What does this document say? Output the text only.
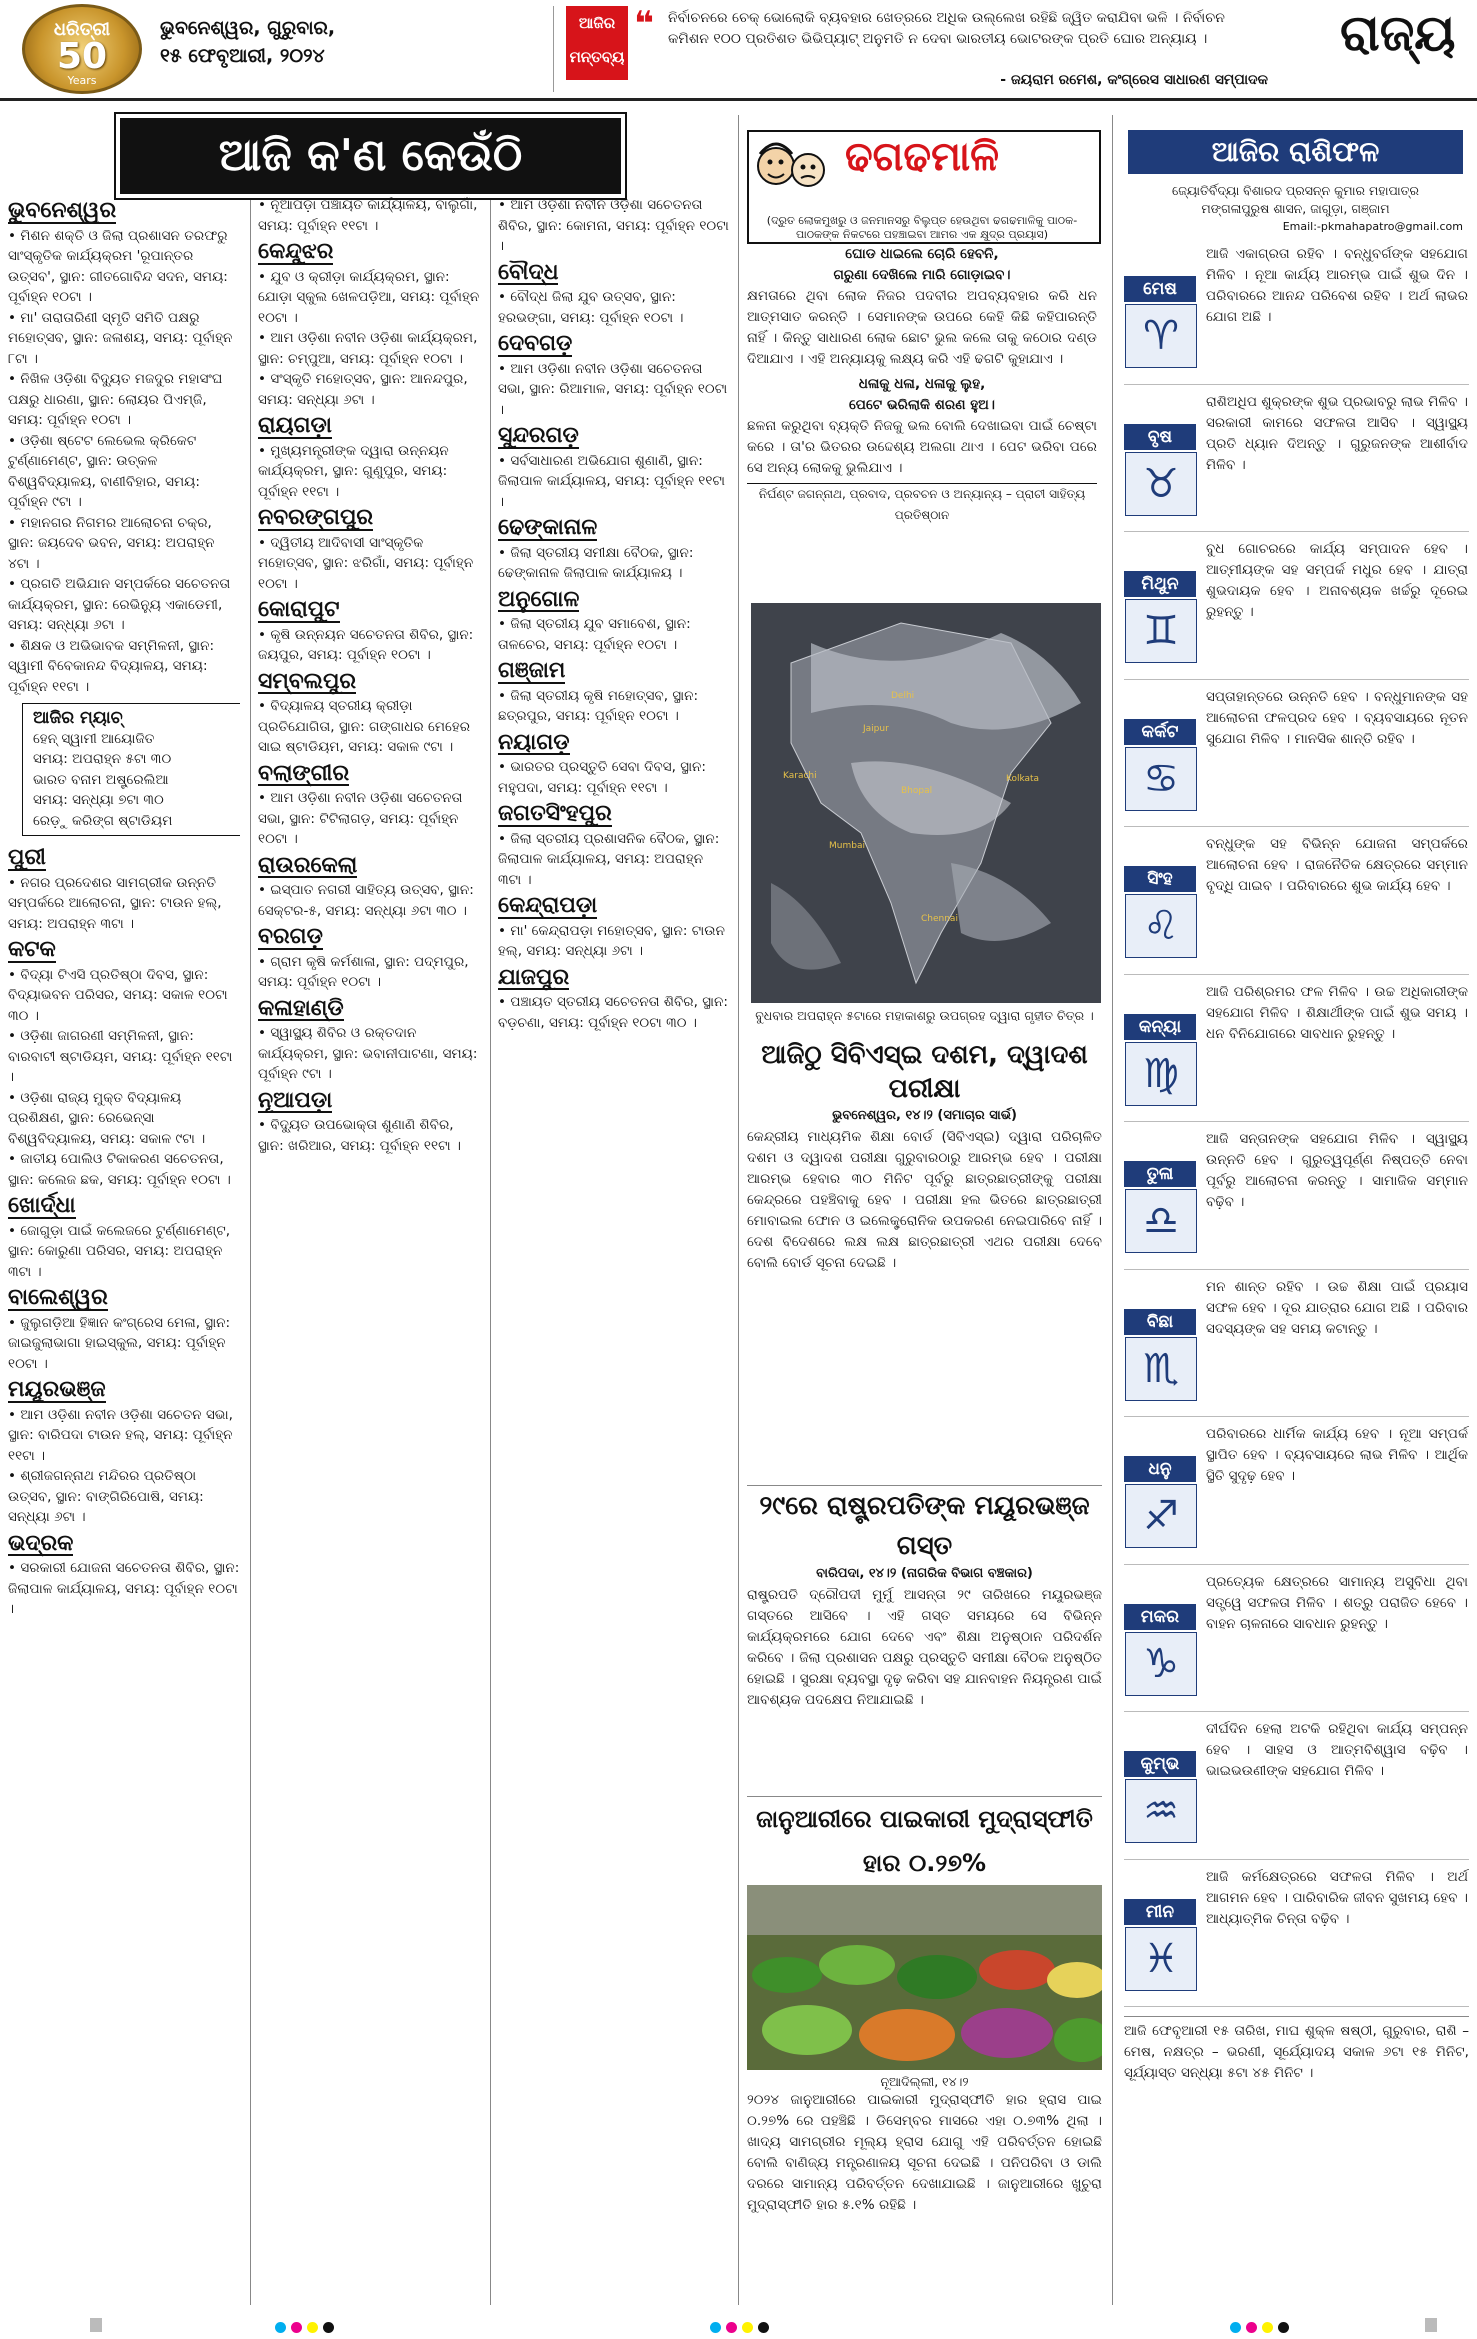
ଧରିତ୍ରୀ
50
Years
ଭୁବନେଶ୍ୱର, ଗୁରୁବାର,
୧୫ ଫେବୃଆରୀ, ୨୦୨୪
ଆଜିର
ମନ୍ତବ୍ୟ
❝ ନିର୍ବାଚନରେ ଚେକ୍‌ ଭୋଲୋକି ବ୍ୟବହାର ଖେତ୍ରରେ ଅଧିକ ଉଲ୍ଲେଖ ରହିଛି ଜ୍ୱିତ କରାଯିବା ଭଳି । ନିର୍ବାଚନ କମିଶନ ୧୦୦ ପ୍ରତିଶତ ଭିଭିପ୍ୟାଟ୍‌ ଅନୁମତି ନ ଦେବା ଭାରତୀୟ ଭୋଟରଙ୍କ ପ୍ରତି ଘୋର ଅନ୍ୟାୟ ।
- ଜୟରାମ ରମେଶ, କଂଗ୍ରେସ ସାଧାରଣ ସମ୍ପାଦକ
ରାଜ୍ୟ
ଆଜି କ'ଣ କେଉଁଠି
ଭୁବନେଶ୍ୱର
• ମିଶନ ଶକ୍ତି ଓ ଜିଲା ପ୍ରଶାସନ ତରଫରୁ ସାଂସ୍କୃତିକ କାର୍ଯ୍ୟକ୍ରମ 'ରୂପାନ୍ତର ଉତ୍ସବ', ସ୍ଥାନ: ଗୀତଗୋବିନ୍ଦ ସଦନ, ସମୟ: ପୂର୍ବାହ୍ନ ୧୦ଟା ।
• ମା' ତାରାତାରିଣୀ ସ୍ମୃତି ସମିତି ପକ୍ଷରୁ ମହୋତ୍ସବ, ସ୍ଥାନ: ଜଳାଶୟ, ସମୟ: ପୂର୍ବାହ୍ନ ୮ଟା ।
• ନିଖିଳ ଓଡ଼ିଶା ବିଦ୍ୟୁତ ମଜଦୁର ମହାସଂଘ ପକ୍ଷରୁ ଧାରଣା, ସ୍ଥାନ: ଲୋୟର ପିଏମ୍‌ଜି, ସମୟ: ପୂର୍ବାହ୍ନ ୧୦ଟା ।
• ଓଡ଼ିଶା ଷ୍ଟେଟ ଲେଭେଲ କ୍ରିକେଟ ଟୁର୍ଣ୍ଣାମେଣ୍ଟ, ସ୍ଥାନ: ଉତ୍କଳ ବିଶ୍ୱବିଦ୍ୟାଳୟ, ବାଣୀବିହାର, ସମୟ: ପୂର୍ବାହ୍ନ ୯ଟା ।
• ମହାନଗର ନିଗମର ଆଲୋଚନା ଚକ୍ର, ସ୍ଥାନ: ଜୟଦେବ ଭବନ, ସମୟ: ଅପରାହ୍ନ ୪ଟା ।
• ପ୍ରଗତି ଅଭିଯାନ ସମ୍ପର୍କରେ ସଚେତନତା କାର୍ଯ୍ୟକ୍ରମ, ସ୍ଥାନ: ରେଭିନ୍ୟୁ ଏକାଡେମୀ, ସମୟ: ସନ୍ଧ୍ୟା ୬ଟା ।
• ଶିକ୍ଷକ ଓ ଅଭିଭାବକ ସମ୍ମିଳନୀ, ସ୍ଥାନ: ସ୍ୱାମୀ ବିବେକାନନ୍ଦ ବିଦ୍ୟାଳୟ, ସମୟ: ପୂର୍ବାହ୍ନ ୧୧ଟା ।
ଆଜିର ମ୍ୟାଚ୍‌
ହେନ୍‌ ସ୍ୱାମୀ ଆୟୋଜିତ
ସମୟ: ଅପରାହ୍ନ ୫ଟା ୩୦
ଭାରତ ବନାମ ଅଷ୍ଟ୍ରେଲିଆ
ସମୟ: ସନ୍ଧ୍ୟା ୭ଟା ୩୦
ରେଡ଼ୁ କରିଙ୍ଗ ଷ୍ଟାଡିୟମ
ପୁରୀ
• ନଗର ପ୍ରଦେଶର ସାମଗ୍ରୀକ ଉନ୍ନତି ସମ୍ପର୍କରେ ଆଲୋଚନା, ସ୍ଥାନ: ଟାଉନ ହଲ୍‌, ସମୟ: ଅପରାହ୍ନ ୩ଟା ।
କଟକ
• ବିଦ୍ୟା ଟିଏସି ପ୍ରତିଷ୍ଠା ଦିବସ, ସ୍ଥାନ: ବିଦ୍ୟାଭବନ ପରିସର, ସମୟ: ସକାଳ ୧୦ଟା ୩୦ ।
• ଓଡ଼ିଶା ଜାଗରଣୀ ସମ୍ମିଳନୀ, ସ୍ଥାନ: ବାରବାଟୀ ଷ୍ଟାଡିୟମ, ସମୟ: ପୂର୍ବାହ୍ନ ୧୧ଟା ।
• ଓଡ଼ିଶା ରାଜ୍ୟ ମୁକ୍ତ ବିଦ୍ୟାଳୟ ପ୍ରଶିକ୍ଷଣ, ସ୍ଥାନ: ରେଭେନ୍ସା ବିଶ୍ୱବିଦ୍ୟାଳୟ, ସମୟ: ସକାଳ ୯ଟା ।
• ଜାତୀୟ ପୋଲିଓ ଟିକାକରଣ ସଚେତନତା, ସ୍ଥାନ: କଲେଜ ଛକ, ସମୟ: ପୂର୍ବାହ୍ନ ୧୦ଟା ।
ଖୋର୍ଦ୍ଧା
• ଜୋଗୁଡ଼ା ପାଇଁ କଲେଜରେ ଟୁର୍ଣ୍ଣାମେଣ୍ଟ, ସ୍ଥାନ: କୋରୁଣା ପରିସର, ସମୟ: ଅପରାହ୍ନ ୩ଟା ।
ବାଲେଶ୍ୱର
• ଜୁଲୁଗଡ଼ିଆ ହିଜ୍ଞାନ କଂଗ୍ରେସ ମେଳା, ସ୍ଥାନ: ଜାଇଜୁଲାଭାଗା ହାଇସ୍କୁଲ, ସମୟ: ପୂର୍ବାହ୍ନ ୧୦ଟା ।
ମୟୂରଭଞ୍ଜ
• ଆମ ଓଡ଼ିଶା ନବୀନ ଓଡ଼ିଶା ସଚେତନ ସଭା, ସ୍ଥାନ: ବାରିପଦା ଟାଉନ ହଲ୍‌, ସମୟ: ପୂର୍ବାହ୍ନ ୧୧ଟା ।
• ଶ୍ରୀଜଗନ୍ନାଥ ମନ୍ଦିରର ପ୍ରତିଷ୍ଠା ଉତ୍ସବ, ସ୍ଥାନ: ବାଙ୍ଗିରିପୋଷି, ସମୟ: ସନ୍ଧ୍ୟା ୬ଟା ।
ଭଦ୍ରକ
• ସରକାରୀ ଯୋଜନା ସଚେତନତା ଶିବିର, ସ୍ଥାନ: ଜିଲାପାଳ କାର୍ଯ୍ୟାଳୟ, ସମୟ: ପୂର୍ବାହ୍ନ ୧୦ଟା ।
• ନୂଆପଡ଼ା ପଞ୍ଚାୟତ କାର୍ଯ୍ୟାଳୟ, ବାଲୁଗାଁ, ସମୟ: ପୂର୍ବାହ୍ନ ୧୧ଟା ।
କେନ୍ଦୁଝର
• ଯୁବ ଓ କ୍ରୀଡ଼ା କାର୍ଯ୍ୟକ୍ରମ, ସ୍ଥାନ: ଯୋଡ଼ା ସ୍କୁଲ ଖେଳପଡ଼ିଆ, ସମୟ: ପୂର୍ବାହ୍ନ ୧୦ଟା ।
• ଆମ ଓଡ଼ିଶା ନବୀନ ଓଡ଼ିଶା କାର୍ଯ୍ୟକ୍ରମ, ସ୍ଥାନ: ଚମ୍ପୁଆ, ସମୟ: ପୂର୍ବାହ୍ନ ୧୦ଟା ।
• ସଂସ୍କୃତି ମହୋତ୍ସବ, ସ୍ଥାନ: ଆନନ୍ଦପୁର, ସମୟ: ସନ୍ଧ୍ୟା ୬ଟା ।
ରାୟଗଡ଼ା
• ମୁଖ୍ୟମନ୍ତ୍ରୀଙ୍କ ଦ୍ୱାରା ଉନ୍ନୟନ କାର୍ଯ୍ୟକ୍ରମ, ସ୍ଥାନ: ଗୁଣୁପୁର, ସମୟ: ପୂର୍ବାହ୍ନ ୧୧ଟା ।
ନବରଙ୍ଗପୁର
• ଦ୍ୱିତୀୟ ଆଦିବାସୀ ସାଂସ୍କୃତିକ ମହୋତ୍ସବ, ସ୍ଥାନ: ଝରିଗାଁ, ସମୟ: ପୂର୍ବାହ୍ନ ୧୦ଟା ।
କୋରାପୁଟ
• କୃଷି ଉନ୍ନୟନ ସଚେତନତା ଶିବିର, ସ୍ଥାନ: ଜୟପୁର, ସମୟ: ପୂର୍ବାହ୍ନ ୧୦ଟା ।
ସମ୍ବଲପୁର
• ବିଦ୍ୟାଳୟ ସ୍ତରୀୟ କ୍ରୀଡ଼ା ପ୍ରତିଯୋଗିତା, ସ୍ଥାନ: ଗଙ୍ଗାଧର ମେହେର ସାଇ ଷ୍ଟାଡିୟମ, ସମୟ: ସକାଳ ୯ଟା ।
ବଲାଙ୍ଗୀର
• ଆମ ଓଡ଼ିଶା ନବୀନ ଓଡ଼ିଶା ସଚେତନତା ସଭା, ସ୍ଥାନ: ଟିଟିଲାଗଡ଼, ସମୟ: ପୂର୍ବାହ୍ନ ୧୦ଟା ।
ରାଉରକେଲା
• ଇସ୍ପାତ ନଗରୀ ସାହିତ୍ୟ ଉତ୍ସବ, ସ୍ଥାନ: ସେକ୍ଟର-୫, ସମୟ: ସନ୍ଧ୍ୟା ୬ଟା ୩୦ ।
ବରଗଡ଼
• ଗ୍ରାମ କୃଷି କର୍ମଶାଳା, ସ୍ଥାନ: ପଦ୍ମପୁର, ସମୟ: ପୂର୍ବାହ୍ନ ୧୦ଟା ।
କଳାହାଣ୍ଡି
• ସ୍ୱାସ୍ଥ୍ୟ ଶିବିର ଓ ରକ୍ତଦାନ କାର୍ଯ୍ୟକ୍ରମ, ସ୍ଥାନ: ଭବାନୀପାଟଣା, ସମୟ: ପୂର୍ବାହ୍ନ ୯ଟା ।
ନୂଆପଡ଼ା
• ବିଦ୍ୟୁତ ଉପଭୋକ୍ତା ଶୁଣାଣି ଶିବିର, ସ୍ଥାନ: ଖରିଆର, ସମୟ: ପୂର୍ବାହ୍ନ ୧୧ଟା ।
• ଆମ ଓଡ଼ିଶା ନବୀନ ଓଡ଼ିଶା ସଚେତନତା ଶିବିର, ସ୍ଥାନ: କୋମନା, ସମୟ: ପୂର୍ବାହ୍ନ ୧୦ଟା ।
ବୌଦ୍ଧ
• ବୌଦ୍ଧ ଜିଲା ଯୁବ ଉତ୍ସବ, ସ୍ଥାନ: ହରଭଙ୍ଗା, ସମୟ: ପୂର୍ବାହ୍ନ ୧୦ଟା ।
ଦେବଗଡ଼
• ଆମ ଓଡ଼ିଶା ନବୀନ ଓଡ଼ିଶା ସଚେତନତା ସଭା, ସ୍ଥାନ: ରିଆମାଳ, ସମୟ: ପୂର୍ବାହ୍ନ ୧୦ଟା ।
ସୁନ୍ଦରଗଡ଼
• ସର୍ବସାଧାରଣ ଅଭିଯୋଗ ଶୁଣାଣି, ସ୍ଥାନ: ଜିଲାପାଳ କାର୍ଯ୍ୟାଳୟ, ସମୟ: ପୂର୍ବାହ୍ନ ୧୧ଟା ।
ଢେଙ୍କାନାଳ
• ଜିଲା ସ୍ତରୀୟ ସମୀକ୍ଷା ବୈଠକ, ସ୍ଥାନ: ଢେଙ୍କାନାଳ ଜିଲାପାଳ କାର୍ଯ୍ୟାଳୟ ।
ଅନୁଗୋଳ
• ଜିଲା ସ୍ତରୀୟ ଯୁବ ସମାବେଶ, ସ୍ଥାନ: ତାଳଚେର, ସମୟ: ପୂର୍ବାହ୍ନ ୧୦ଟା ।
ଗଞ୍ଜାମ
• ଜିଲା ସ୍ତରୀୟ କୃଷି ମହୋତ୍ସବ, ସ୍ଥାନ: ଛତ୍ରପୁର, ସମୟ: ପୂର୍ବାହ୍ନ ୧୦ଟା ।
ନୟାଗଡ଼
• ଭାରତର ପ୍ରସ୍ତୁତି ସେବା ଦିବସ, ସ୍ଥାନ: ମହୁପଦା, ସମୟ: ପୂର୍ବାହ୍ନ ୧୧ଟା ।
ଜଗତସିଂହପୁର
• ଜିଲା ସ୍ତରୀୟ ପ୍ରଶାସନିକ ବୈଠକ, ସ୍ଥାନ: ଜିଲାପାଳ କାର୍ଯ୍ୟାଳୟ, ସମୟ: ଅପରାହ୍ନ ୩ଟା ।
କେନ୍ଦ୍ରାପଡ଼ା
• ମା' କେନ୍ଦ୍ରାପଡ଼ା ମହୋତ୍ସବ, ସ୍ଥାନ: ଟାଉନ ହଲ୍‌, ସମୟ: ସନ୍ଧ୍ୟା ୬ଟା ।
ଯାଜପୁର
• ପଞ୍ଚାୟତ ସ୍ତରୀୟ ସଚେତନତା ଶିବିର, ସ୍ଥାନ: ବଡ଼ଚଣା, ସମୟ: ପୂର୍ବାହ୍ନ ୧୦ଟା ୩୦ ।
ଢଗଢମାଳି
(ଦ୍ରୁତ ଲୋକମୁଖରୁ ଓ ଜନମାନସରୁ ବିଲୁପ୍ତ ହେଉଥିବା ଢଗଢମାଳିକୁ ପାଠକ-ପାଠକଙ୍କ ନିକଟରେ ପହଞ୍ଚାଇବା ଆମର ଏକ କ୍ଷୁଦ୍ର ପ୍ରୟାସ)
ଘୋଡ ଧାଇଲେ ଚୋରି ହେବନି,
ଗରୁଣା ଦେଖିଲେ ମାରି ଗୋଡ଼ାଇବ।
କ୍ଷମତାରେ ଥିବା ଲୋକ ନିଜର ପଦବୀର ଅପବ୍ୟବହାର କରି ଧନ ଆତ୍ମସାତ କରନ୍ତି । ସେମାନଙ୍କ ଉପରେ କେହି କିଛି କହିପାରନ୍ତି ନାହିଁ । କିନ୍ତୁ ସାଧାରଣ ଲୋକ ଛୋଟ ଭୁଲ କଲେ ତାକୁ କଠୋର ଦଣ୍ଡ ଦିଆଯାଏ । ଏହି ଅନ୍ୟାୟକୁ ଲକ୍ଷ୍ୟ କରି ଏହି ଢଗଟି କୁହାଯାଏ ।
ଧଳାକୁ ଧଳା, ଧଳାକୁ ଲୁହ,
ପେଟେ ଭରିଲାକି ଶରଣ ହୁଅ।
ଛଳନା କରୁଥିବା ବ୍ୟକ୍ତି ନିଜକୁ ଭଲ ବୋଲି ଦେଖାଇବା ପାଇଁ ଚେଷ୍ଟା କରେ । ତା'ର ଭିତରର ଉଦ୍ଦେଶ୍ୟ ଅଲଗା ଥାଏ । ପେଟ ଭରିବା ପରେ ସେ ଅନ୍ୟ ଲୋକକୁ ଭୁଲିଯାଏ ।
ନିର୍ଘଣ୍ଟ ଜଗନ୍ନାଥ, ପ୍ରବାଦ, ପ୍ରବଚନ ଓ ଅନ୍ୟାନ୍ୟ – ପ୍ରାଚୀ ସାହିତ୍ୟ ପ୍ରତିଷ୍ଠାନ
Karachi
Delhi
Jaipur
Mumbai
Chennai
Kolkata
Bhopal
ବୁଧବାର ଅପରାହ୍ନ ୫ଟାରେ ମହାକାଶରୁ ଉପଗ୍ରହ ଦ୍ୱାରା ଗୃହୀତ ଚିତ୍ର ।
ଆଜିଠୁ ସିବିଏସ୍‌ଇ ଦଶମ, ଦ୍ୱାଦଶ ପରୀକ୍ଷା
ଭୁବନେଶ୍ୱର, ୧୪।୨ (ସମାଚାର ସାର୍ଭ)
କେନ୍ଦ୍ରୀୟ ମାଧ୍ୟମିକ ଶିକ୍ଷା ବୋର୍ଡ (ସିବିଏସ୍‌ଇ) ଦ୍ୱାରା ପରିଚାଳିତ ଦଶମ ଓ ଦ୍ୱାଦଶ ପରୀକ୍ଷା ଗୁରୁବାରଠାରୁ ଆରମ୍ଭ ହେବ । ପରୀକ୍ଷା ଆରମ୍ଭ ହେବାର ୩୦ ମିନିଟ ପୂର୍ବରୁ ଛାତ୍ରଛାତ୍ରୀଙ୍କୁ ପରୀକ୍ଷା କେନ୍ଦ୍ରରେ ପହଞ୍ଚିବାକୁ ହେବ । ପରୀକ୍ଷା ହଲ ଭିତରେ ଛାତ୍ରଛାତ୍ରୀ ମୋବାଇଲ ଫୋନ ଓ ଇଲେକ୍ଟ୍ରୋନିକ ଉପକରଣ ନେଇପାରିବେ ନାହିଁ । ଦେଶ ବିଦେଶରେ ଲକ୍ଷ ଲକ୍ଷ ଛାତ୍ରଛାତ୍ରୀ ଏଥର ପରୀକ୍ଷା ଦେବେ ବୋଲି ବୋର୍ଡ ସୂଚନା ଦେଇଛି ।
୨୯ରେ ରାଷ୍ଟ୍ରପତିଙ୍କ ମୟୂରଭଞ୍ଜ ଗସ୍ତ
ବାରିପଦା, ୧୪।୨ (ନାଗରିକ ବିଭାଗ ବଞ୍ଚକାର)
ରାଷ୍ଟ୍ରପତି ଦ୍ରୌପଦୀ ମୁର୍ମୁ ଆସନ୍ତା ୨୯ ତାରିଖରେ ମୟୂରଭଞ୍ଜ ଗସ୍ତରେ ଆସିବେ । ଏହି ଗସ୍ତ ସମୟରେ ସେ ବିଭିନ୍ନ କାର୍ଯ୍ୟକ୍ରମରେ ଯୋଗ ଦେବେ ଏବଂ ଶିକ୍ଷା ଅନୁଷ୍ଠାନ ପରିଦର୍ଶନ କରିବେ । ଜିଲା ପ୍ରଶାସନ ପକ୍ଷରୁ ପ୍ରସ୍ତୁତି ସମୀକ୍ଷା ବୈଠକ ଅନୁଷ୍ଠିତ ହୋଇଛି । ସୁରକ୍ଷା ବ୍ୟବସ୍ଥା ଦୃଢ଼ କରିବା ସହ ଯାନବାହନ ନିୟନ୍ତ୍ରଣ ପାଇଁ ଆବଶ୍ୟକ ପଦକ୍ଷେପ ନିଆଯାଇଛି ।
ଜାନୁଆରୀରେ ପାଇକାରୀ ମୁଦ୍ରାସ୍ଫୀତି ହାର ୦.୨୭%
ନୂଆଦିଲ୍ଲୀ, ୧୪।୨
୨୦୨୪ ଜାନୁଆରୀରେ ପାଇକାରୀ ମୁଦ୍ରାସ୍ଫୀତି ହାର ହ୍ରାସ ପାଇ ୦.୨୭% ରେ ପହଞ୍ଚିଛି । ଡିସେମ୍ବର ମାସରେ ଏହା ୦.୭୩% ଥିଲା । ଖାଦ୍ୟ ସାମଗ୍ରୀର ମୂଲ୍ୟ ହ୍ରାସ ଯୋଗୁ ଏହି ପରିବର୍ତ୍ତନ ହୋଇଛି ବୋଲି ବାଣିଜ୍ୟ ମନ୍ତ୍ରଣାଳୟ ସୂଚନା ଦେଇଛି । ପନିପରିବା ଓ ଡାଲି ଦରରେ ସାମାନ୍ୟ ପରିବର୍ତ୍ତନ ଦେଖାଯାଇଛି । ଜାନୁଆରୀରେ ଖୁଚୁରା ମୁଦ୍ରାସ୍ଫୀତି ହାର ୫.୧% ରହିଛି ।
ଆଜିର ରାଶିଫଳ
ଜ୍ୟୋତିର୍ବିଦ୍ୟା ବିଶାରଦ ପ୍ରସନ୍ନ କୁମାର ମହାପାତ୍ର
ମଙ୍ଗଳାପୁରୁଷ ଶାସନ, ଜାଗୁଡ଼ା, ଗଞ୍ଜାମ
Email:-pkmahapatro@gmail.com
ମେଷ
♈
ଆଜି ଏକାଗ୍ରତା ରହିବ । ବନ୍ଧୁବର୍ଗଙ୍କ ସହଯୋଗ ମିଳିବ । ନୂଆ କାର୍ଯ୍ୟ ଆରମ୍ଭ ପାଇଁ ଶୁଭ ଦିନ । ପରିବାରରେ ଆନନ୍ଦ ପରିବେଶ ରହିବ । ଅର୍ଥ ଲାଭର ଯୋଗ ଅଛି ।
ବୃଷ
♉
ରାଶିଅଧିପ ଶୁକ୍ରଙ୍କ ଶୁଭ ପ୍ରଭାବରୁ ଲାଭ ମିଳିବ । ସରକାରୀ କାମରେ ସଫଳତା ଆସିବ । ସ୍ୱାସ୍ଥ୍ୟ ପ୍ରତି ଧ୍ୟାନ ଦିଅନ୍ତୁ । ଗୁରୁଜନଙ୍କ ଆଶୀର୍ବାଦ ମିଳିବ ।
ମିଥୁନ
♊
ବୁଧ ଗୋଚରରେ କାର୍ଯ୍ୟ ସମ୍ପାଦନ ହେବ । ଆତ୍ମୀୟଙ୍କ ସହ ସମ୍ପର୍କ ମଧୁର ହେବ । ଯାତ୍ରା ଶୁଭଦାୟକ ହେବ । ଅନାବଶ୍ୟକ ଖର୍ଚ୍ଚରୁ ଦୂରେଇ ରୁହନ୍ତୁ ।
କର୍କଟ
♋
ସପ୍ତାହାନ୍ତରେ ଉନ୍ନତି ହେବ । ବନ୍ଧୁମାନଙ୍କ ସହ ଆଲୋଚନା ଫଳପ୍ରଦ ହେବ । ବ୍ୟବସାୟରେ ନୂତନ ସୁଯୋଗ ମିଳିବ । ମାନସିକ ଶାନ୍ତି ରହିବ ।
ସିଂହ
♌
ବନ୍ଧୁଙ୍କ ସହ ବିଭିନ୍ନ ଯୋଜନା ସମ୍ପର୍କରେ ଆଲୋଚନା ହେବ । ରାଜନୈତିକ କ୍ଷେତ୍ରରେ ସମ୍ମାନ ବୃଦ୍ଧି ପାଇବ । ପରିବାରରେ ଶୁଭ କାର୍ଯ୍ୟ ହେବ ।
କନ୍ୟା
♍
ଆଜି ପରିଶ୍ରମର ଫଳ ମିଳିବ । ଉଚ୍ଚ ଅଧିକାରୀଙ୍କ ସହଯୋଗ ମିଳିବ । ଶିକ୍ଷାର୍ଥୀଙ୍କ ପାଇଁ ଶୁଭ ସମୟ । ଧନ ବିନିଯୋଗରେ ସାବଧାନ ରୁହନ୍ତୁ ।
ତୁଳା
♎
ଆଜି ସନ୍ତାନଙ୍କ ସହଯୋଗ ମିଳିବ । ସ୍ୱାସ୍ଥ୍ୟ ଉନ୍ନତି ହେବ । ଗୁରୁତ୍ୱପୂର୍ଣ୍ଣ ନିଷ୍ପତ୍ତି ନେବା ପୂର୍ବରୁ ଆଲୋଚନା କରନ୍ତୁ । ସାମାଜିକ ସମ୍ମାନ ବଢ଼ିବ ।
ବିଛା
♏
ମନ ଶାନ୍ତ ରହିବ । ଉଚ୍ଚ ଶିକ୍ଷା ପାଇଁ ପ୍ରୟାସ ସଫଳ ହେବ । ଦୂର ଯାତ୍ରାର ଯୋଗ ଅଛି । ପରିବାର ସଦସ୍ୟଙ୍କ ସହ ସମୟ କଟାନ୍ତୁ ।
ଧନୁ
♐
ପରିବାରରେ ଧାର୍ମିକ କାର୍ଯ୍ୟ ହେବ । ନୂଆ ସମ୍ପର୍କ ସ୍ଥାପିତ ହେବ । ବ୍ୟବସାୟରେ ଲାଭ ମିଳିବ । ଆର୍ଥିକ ସ୍ଥିତି ସୁଦୃଢ଼ ହେବ ।
ମକର
♑
ପ୍ରତ୍ୟେକ କ୍ଷେତ୍ରରେ ସାମାନ୍ୟ ଅସୁବିଧା ଥିବା ସତ୍ତ୍ୱେ ସଫଳତା ମିଳିବ । ଶତ୍ରୁ ପରାଜିତ ହେବେ । ବାହନ ଚାଳନାରେ ସାବଧାନ ରୁହନ୍ତୁ ।
କୁମ୍ଭ
♒
ଦୀର୍ଘଦିନ ହେଲା ଅଟକି ରହିଥିବା କାର୍ଯ୍ୟ ସମ୍ପନ୍ନ ହେବ । ସାହସ ଓ ଆତ୍ମବିଶ୍ୱାସ ବଢ଼ିବ । ଭାଇଭଉଣୀଙ୍କ ସହଯୋଗ ମିଳିବ ।
ମୀନ
♓
ଆଜି କର୍ମକ୍ଷେତ୍ରରେ ସଫଳତା ମିଳିବ । ଅର୍ଥ ଆଗମନ ହେବ । ପାରିବାରିକ ଜୀବନ ସୁଖମୟ ହେବ । ଆଧ୍ୟାତ୍ମିକ ଚିନ୍ତା ବଢ଼ିବ ।
ଆଜି ଫେବୃଆରୀ ୧୫ ତାରିଖ, ମାଘ ଶୁକ୍ଳ ଷଷ୍ଠୀ, ଗୁରୁବାର, ରାଶି – ମେଷ, ନକ୍ଷତ୍ର – ଭରଣୀ, ସୂର୍ଯ୍ୟୋଦୟ ସକାଳ ୬ଟା ୧୫ ମିନିଟ, ସୂର୍ଯ୍ୟାସ୍ତ ସନ୍ଧ୍ୟା ୫ଟା ୪୫ ମିନିଟ ।
